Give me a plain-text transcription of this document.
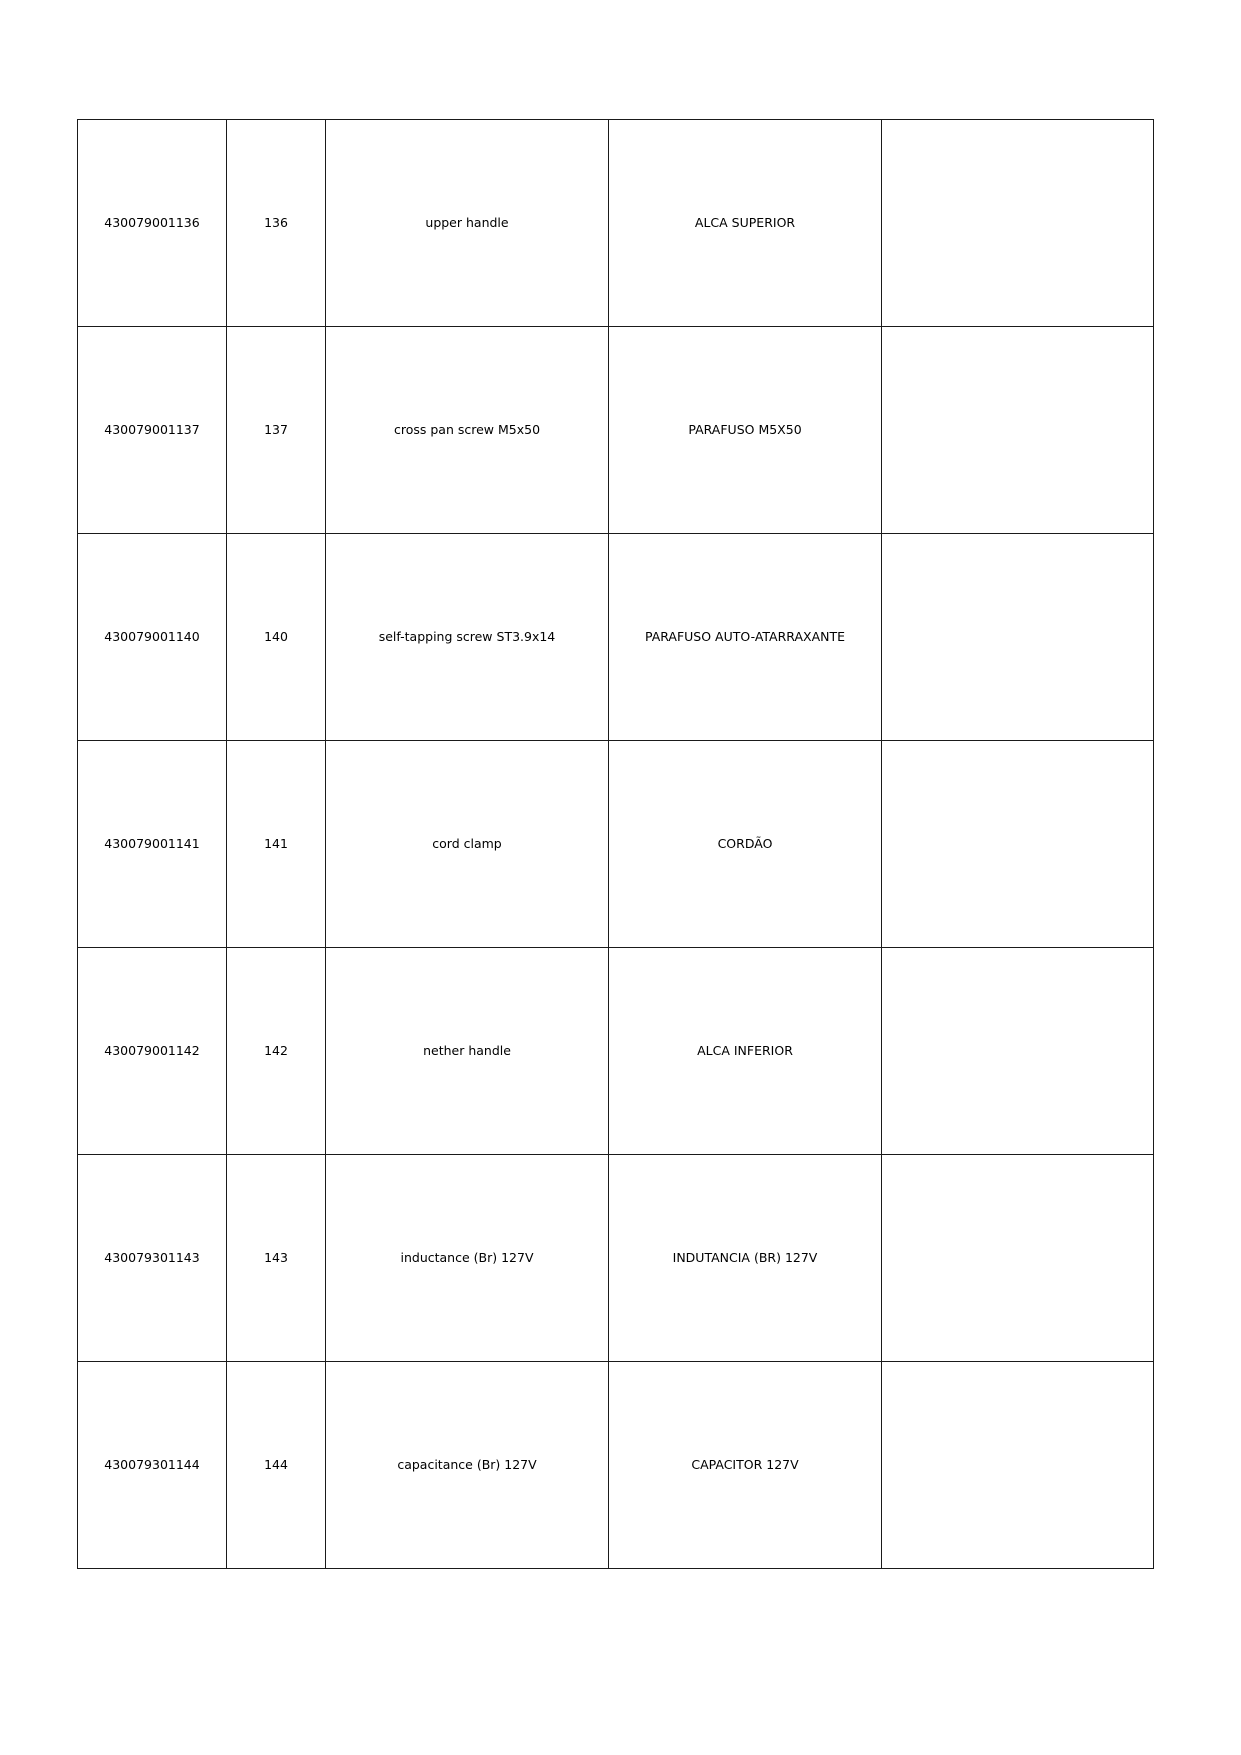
430079001136	136	upper handle	ALCA SUPERIOR	
430079001137	137	cross pan screw M5x50	PARAFUSO M5X50	
430079001140	140	self-tapping screw ST3.9x14	PARAFUSO AUTO-ATARRAXANTE	
430079001141	141	cord clamp	CORDÃO	
430079001142	142	nether handle	ALCA INFERIOR	
430079301143	143	inductance (Br) 127V	INDUTANCIA (BR) 127V	
430079301144	144	capacitance (Br) 127V	CAPACITOR 127V	
